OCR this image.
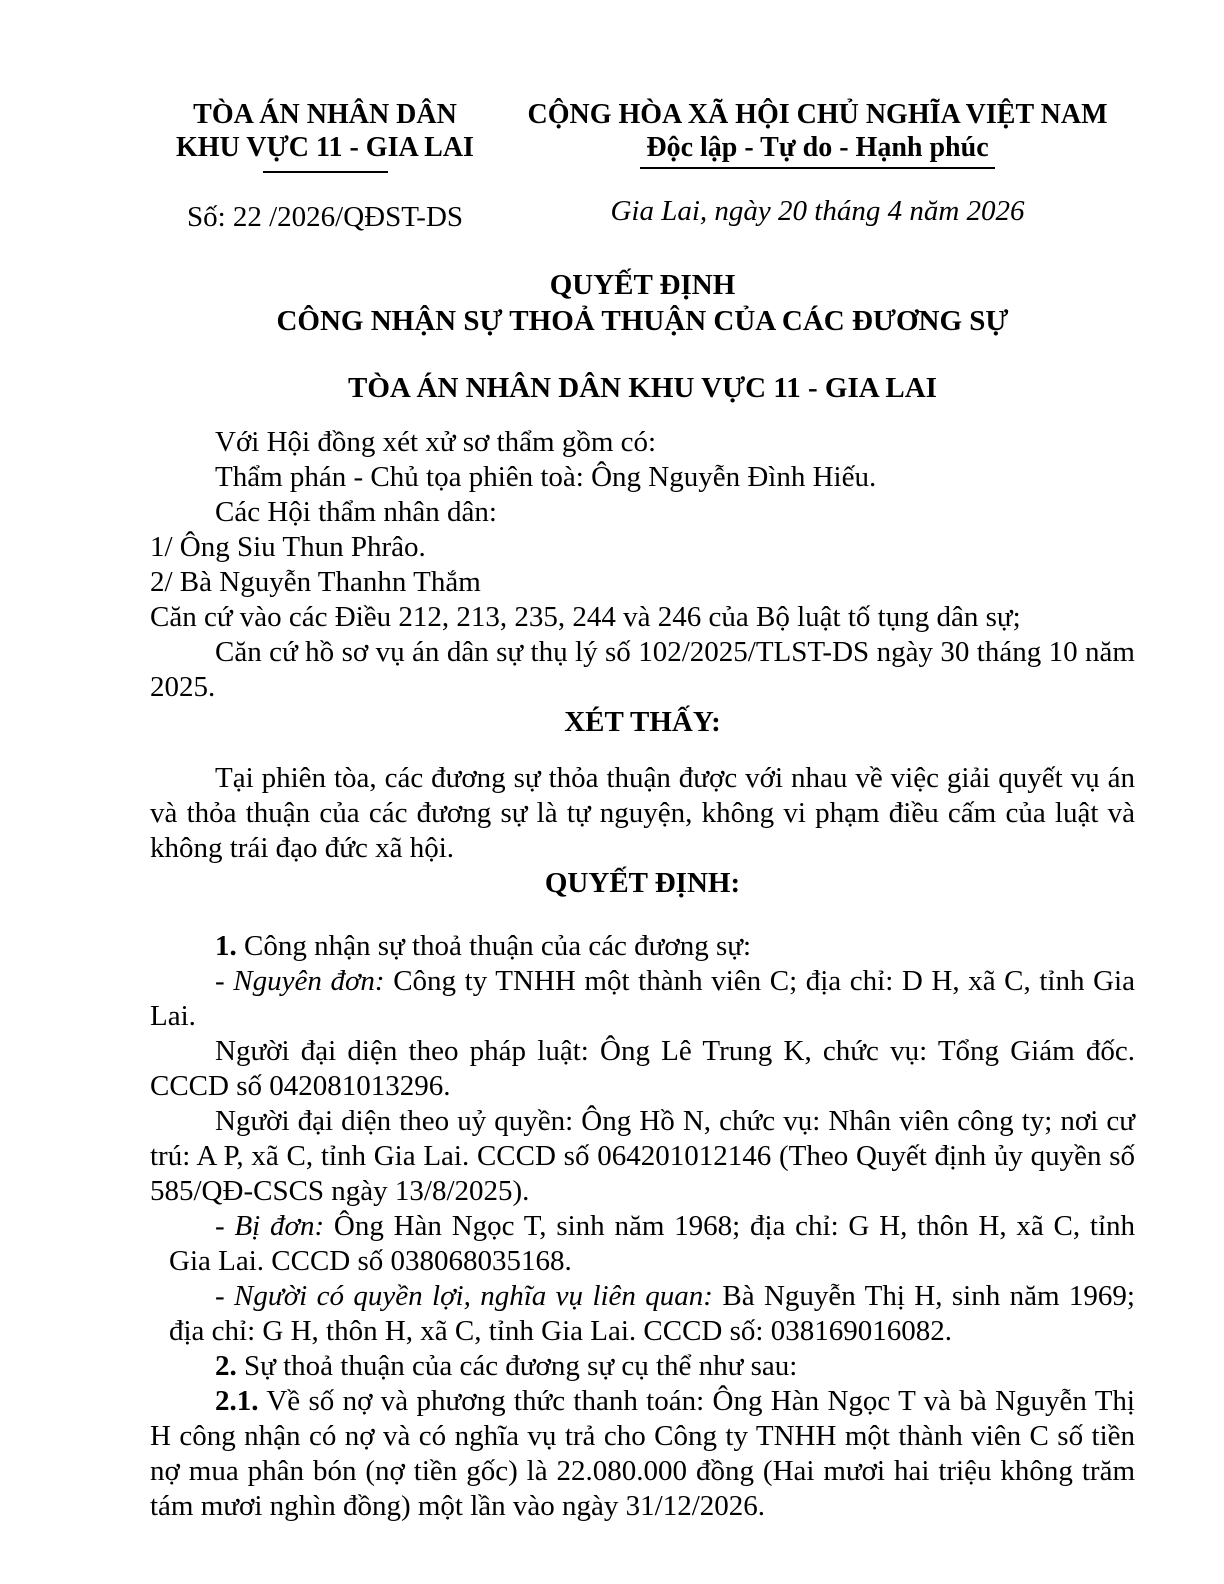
TÒA ÁN NHÂN DÂN
KHU VỰC 11 - GIA LAI
Số: 22 /2026/QĐST-DS
CỘNG HÒA XÃ HỘI CHỦ NGHĨA VIỆT NAM
Độc lập - Tự do - Hạnh phúc
Gia Lai, ngày 20 tháng 4 năm 2026
QUYẾT ĐỊNH
CÔNG NHẬN SỰ THOẢ THUẬN CỦA CÁC ĐƯƠNG SỰ
TÒA ÁN NHÂN DÂN KHU VỰC 11 - GIA LAI

Với Hội đồng xét xử sơ thẩm gồm có:

Thẩm phán - Chủ tọa phiên toà: Ông Nguyễn Đình Hiếu.

Các Hội thẩm nhân dân:

1/ Ông Siu Thun Phrâo.

2/ Bà Nguyễn Thanhn Thắm

Căn cứ vào các Điều 212, 213, 235, 244 và 246 của Bộ luật tố tụng dân sự;

Căn cứ hồ sơ vụ án dân sự thụ lý số 102/2025/TLST-DS ngày 30 tháng 10 năm 2025.

XÉT THẤY:

Tại phiên tòa, các đương sự thỏa thuận được với nhau về việc giải quyết vụ án và thỏa thuận của các đương sự là tự nguyện, không vi phạm điều cấm của luật và không trái đạo đức xã hội.

QUYẾT ĐỊNH:

1. Công nhận sự thoả thuận của các đương sự:

- Nguyên đơn: Công ty TNHH một thành viên C; địa chỉ: D H, xã C, tỉnh Gia Lai.

Người đại diện theo pháp luật: Ông Lê Trung K, chức vụ: Tổng Giám đốc. CCCD số 042081013296.

Người đại diện theo uỷ quyền: Ông Hồ N, chức vụ: Nhân viên công ty; nơi cư trú: A P, xã C, tỉnh Gia Lai. CCCD số 064201012146 (Theo Quyết định ủy quyền số 585/QĐ-CSCS ngày 13/8/2025).

- Bị đơn: Ông Hàn Ngọc T, sinh năm 1968; địa chỉ: G H, thôn H, xã C, tỉnh Gia Lai. CCCD số 038068035168.

- Người có quyền lợi, nghĩa vụ liên quan: Bà Nguyễn Thị H, sinh năm 1969; địa chỉ: G H, thôn H, xã C, tỉnh Gia Lai. CCCD số: 038169016082.

2. Sự thoả thuận của các đương sự cụ thể như sau:

2.1. Về số nợ và phương thức thanh toán: Ông Hàn Ngọc T và bà Nguyễn Thị H công nhận có nợ và có nghĩa vụ trả cho Công ty TNHH một thành viên C số tiền nợ mua phân bón (nợ tiền gốc) là 22.080.000 đồng (Hai mươi hai triệu không trăm tám mươi nghìn đồng) một lần vào ngày 31/12/2026.
